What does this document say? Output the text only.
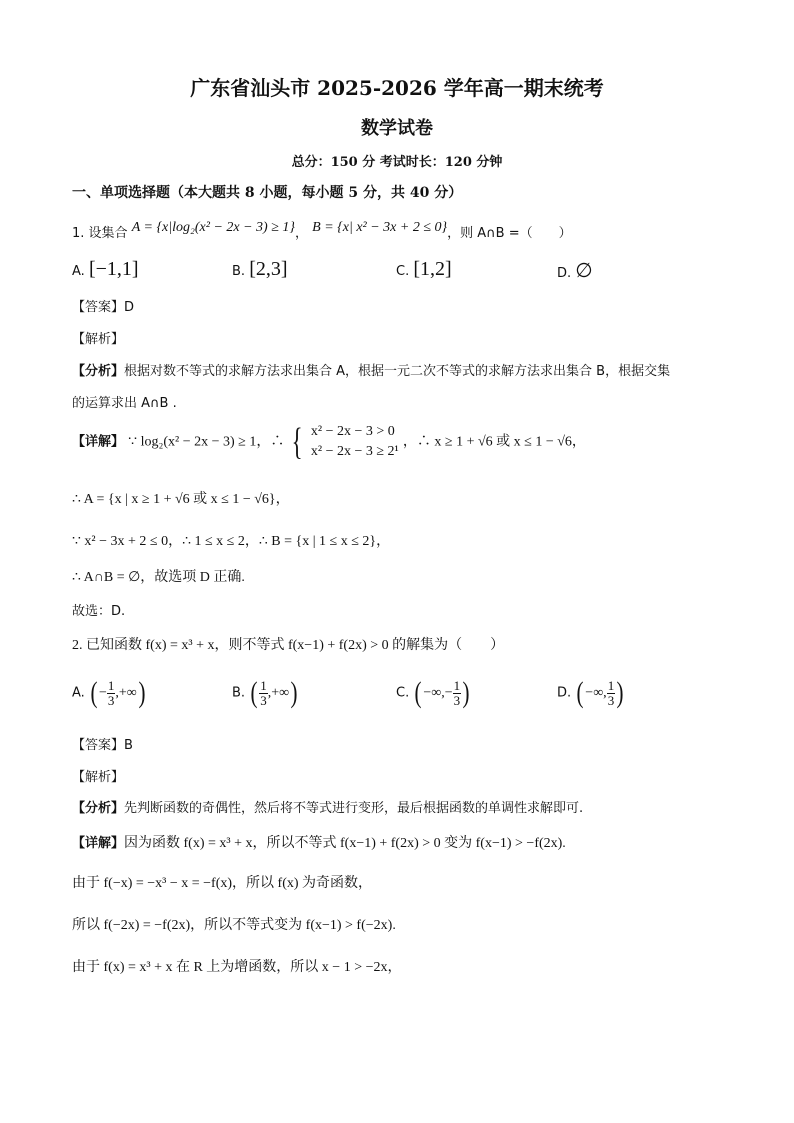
广东省汕头市 2025-2026 学年高一期末统考
数学试卷
总分：150 分 考试时长：120 分钟
一、单项选择题（本大题共 8 小题，每小题 5 分，共 40 分）
1. 设集合 A = {x|log₂(x² − 2x − 3) ≥ 1}， B = {x| x² − 3x + 2 ≤ 0}，则 A∩B =（　　）
A. [−1,1]	B. [2,3]	C. [1,2]	D. ∅
【答案】D
【解析】
【分析】根据对数不等式的求解方法求出集合 A，根据一元二次不等式的求解方法求出集合 B，根据交集
的运算求出 A∩B .
【详解】 ∵ log₂(x² − 2x − 3) ≥ 1，∴ { x² − 2x − 3 > 0
x² − 2x − 3 ≥ 2¹
，∴ x ≥ 1 + √6 或 x ≤ 1 − √6，
∴ A = {x | x ≥ 1 + √6 或 x ≤ 1 − √6}，
∵ x² − 3x + 2 ≤ 0，∴ 1 ≤ x ≤ 2，∴ B = {x | 1 ≤ x ≤ 2}，
∴ A∩B = ∅，故选项 D 正确.
故选：D.
2. 已知函数 f(x) = x³ + x，则不等式 f(x−1) + f(2x) > 0 的解集为（　　）
A. ( − $\frac{1}{3}$ ,+∞)	B. ( $\frac{1}{3}$ ,+∞)	C. ( −∞,− $\frac{1}{3}$ )	D. ( −∞, $\frac{1}{3}$ )
【答案】B
【解析】
【分析】先判断函数的奇偶性，然后将不等式进行变形，最后根据函数的单调性求解即可.
【详解】因为函数 f(x) = x³ + x，所以不等式 f(x−1) + f(2x) > 0 变为 f(x−1) > −f(2x).
由于 f(−x) = −x³ − x = −f(x)，所以 f(x) 为奇函数，
所以 f(−2x) = −f(2x)，所以不等式变为 f(x−1) > f(−2x).
由于 f(x) = x³ + x 在 R 上为增函数，所以 x − 1 > −2x，
